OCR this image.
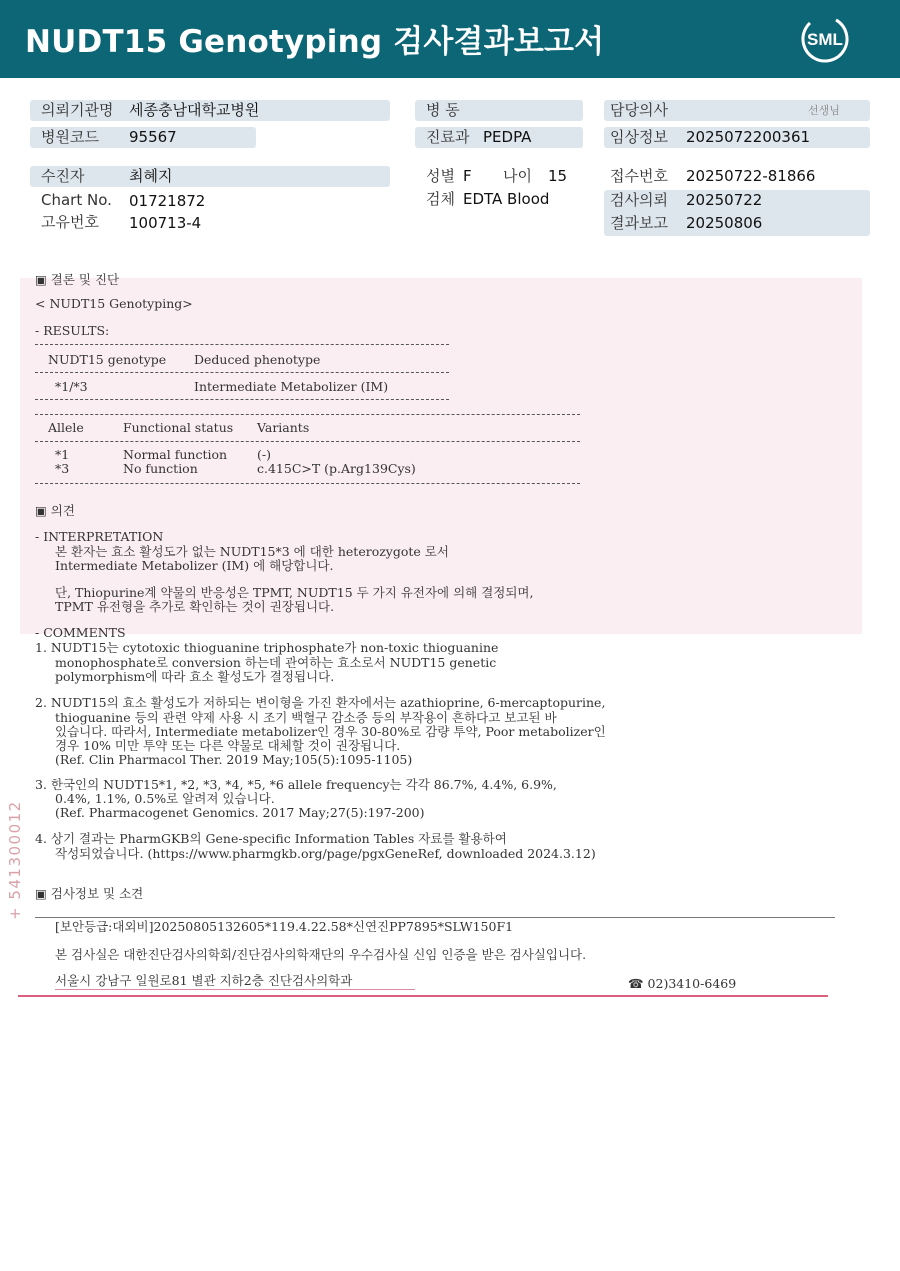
NUDT15 Genotyping 검사결과보고서	SML
의뢰기관명 세종충남대학교병원
병원코드 95567
수진자	최혜지
Chart No. 01721872
고유번호 100713-4
병 동
진료과 PEDPA
성별 F 나이 15
검체 EDTA Blood
담당의사	선생님
임상정보 2025072200361
접수번호 20250722-81866
검사의뢰 20250722
결과보고 20250806
▣ 결론 및 진단
< NUDT15 Genotyping>
- RESULTS:
NUDT15 genotype Deduced phenotype
*1/*3	Intermediate Metabolizer (IM)
Allele	Functional status Variants
*1	Normal function (-)
*3	No function	c.415C>T (p.Arg139Cys)
▣ 의견
- INTERPRETATION
본 환자는 효소 활성도가 없는 NUDT15*3 에 대한 heterozygote 로서
Intermediate Metabolizer (IM) 에 해당합니다.
단, Thiopurine계 약물의 반응성은 TPMT, NUDT15 두 가지 유전자에 의해 결정되며,
TPMT 유전형을 추가로 확인하는 것이 권장됩니다.
- COMMENTS
1. NUDT15는 cytotoxic thioguanine triphosphate가 non-toxic thioguanine
monophosphate로 conversion 하는데 관여하는 효소로서 NUDT15 genetic
polymorphism에 따라 효소 활성도가 결정됩니다.
2. NUDT15의 효소 활성도가 저하되는 변이형을 가진 환자에서는 azathioprine, 6-mercaptopurine,
thioguanine 등의 관련 약제 사용 시 조기 백혈구 감소증 등의 부작용이 흔하다고 보고된 바
있습니다. 따라서, Intermediate metabolizer인 경우 30-80%로 감량 투약, Poor metabolizer인
경우 10% 미만 투약 또는 다른 약물로 대체할 것이 권장됩니다.
(Ref. Clin Pharmacol Ther. 2019 May;105(5):1095-1105)
3. 한국인의 NUDT15*1, *2, *3, *4, *5, *6 allele frequency는 각각 86.7%, 4.4%, 6.9%,
0.4%, 1.1%, 0.5%로 알려져 있습니다.
(Ref. Pharmacogenet Genomics. 2017 May;27(5):197-200)
4. 상기 결과는 PharmGKB의 Gene-specific Information Tables 자료를 활용하여
작성되었습니다. (https://www.pharmgkb.org/page/pgxGeneRef, downloaded 2024.3.12)
▣ 검사정보 및 소견
[보안등급:대외비]20250805132605*119.4.22.58*신연진PP7895*SLW150F1
본 검사실은 대한진단검사의학회/진단검사의학재단의 우수검사실 신임 인증을 받은 검사실입니다.
서울시 강남구 일원로81 별관 지하2층 진단검사의학과	☎ 02)3410-6469
+ 541300012
